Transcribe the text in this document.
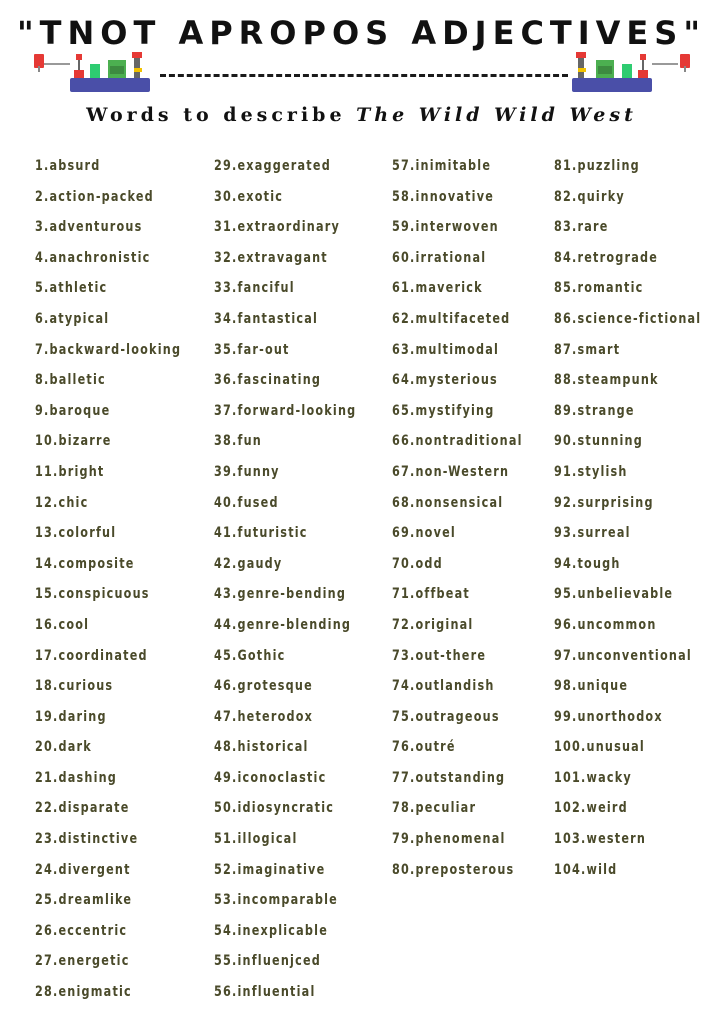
"TNOT APROPOS ADJECTIVES"

Words to describe The Wild Wild West

1.absurd
2.action-packed
3.adventurous
4.anachronistic
5.athletic
6.atypical
7.backward-looking
8.balletic
9.baroque
10.bizarre
11.bright
12.chic
13.colorful
14.composite
15.conspicuous
16.cool
17.coordinated
18.curious
19.daring
20.dark
21.dashing
22.disparate
23.distinctive
24.divergent
25.dreamlike
26.eccentric
27.energetic
28.enigmatic
29.exaggerated
30.exotic
31.extraordinary
32.extravagant
33.fanciful
34.fantastical
35.far-out
36.fascinating
37.forward-looking
38.fun
39.funny
40.fused
41.futuristic
42.gaudy
43.genre-bending
44.genre-blending
45.Gothic
46.grotesque
47.heterodox
48.historical
49.iconoclastic
50.idiosyncratic
51.illogical
52.imaginative
53.incomparable
54.inexplicable
55.influenjced
56.influential
57.inimitable
58.innovative
59.interwoven
60.irrational
61.maverick
62.multifaceted
63.multimodal
64.mysterious
65.mystifying
66.nontraditional
67.non-Western
68.nonsensical
69.novel
70.odd
71.offbeat
72.original
73.out-there
74.outlandish
75.outrageous
76.outré
77.outstanding
78.peculiar
79.phenomenal
80.preposterous
81.puzzling
82.quirky
83.rare
84.retrograde
85.romantic
86.science-fictional
87.smart
88.steampunk
89.strange
90.stunning
91.stylish
92.surprising
93.surreal
94.tough
95.unbelievable
96.uncommon
97.unconventional
98.unique
99.unorthodox
100.unusual
101.wacky
102.weird
103.western
104.wild
